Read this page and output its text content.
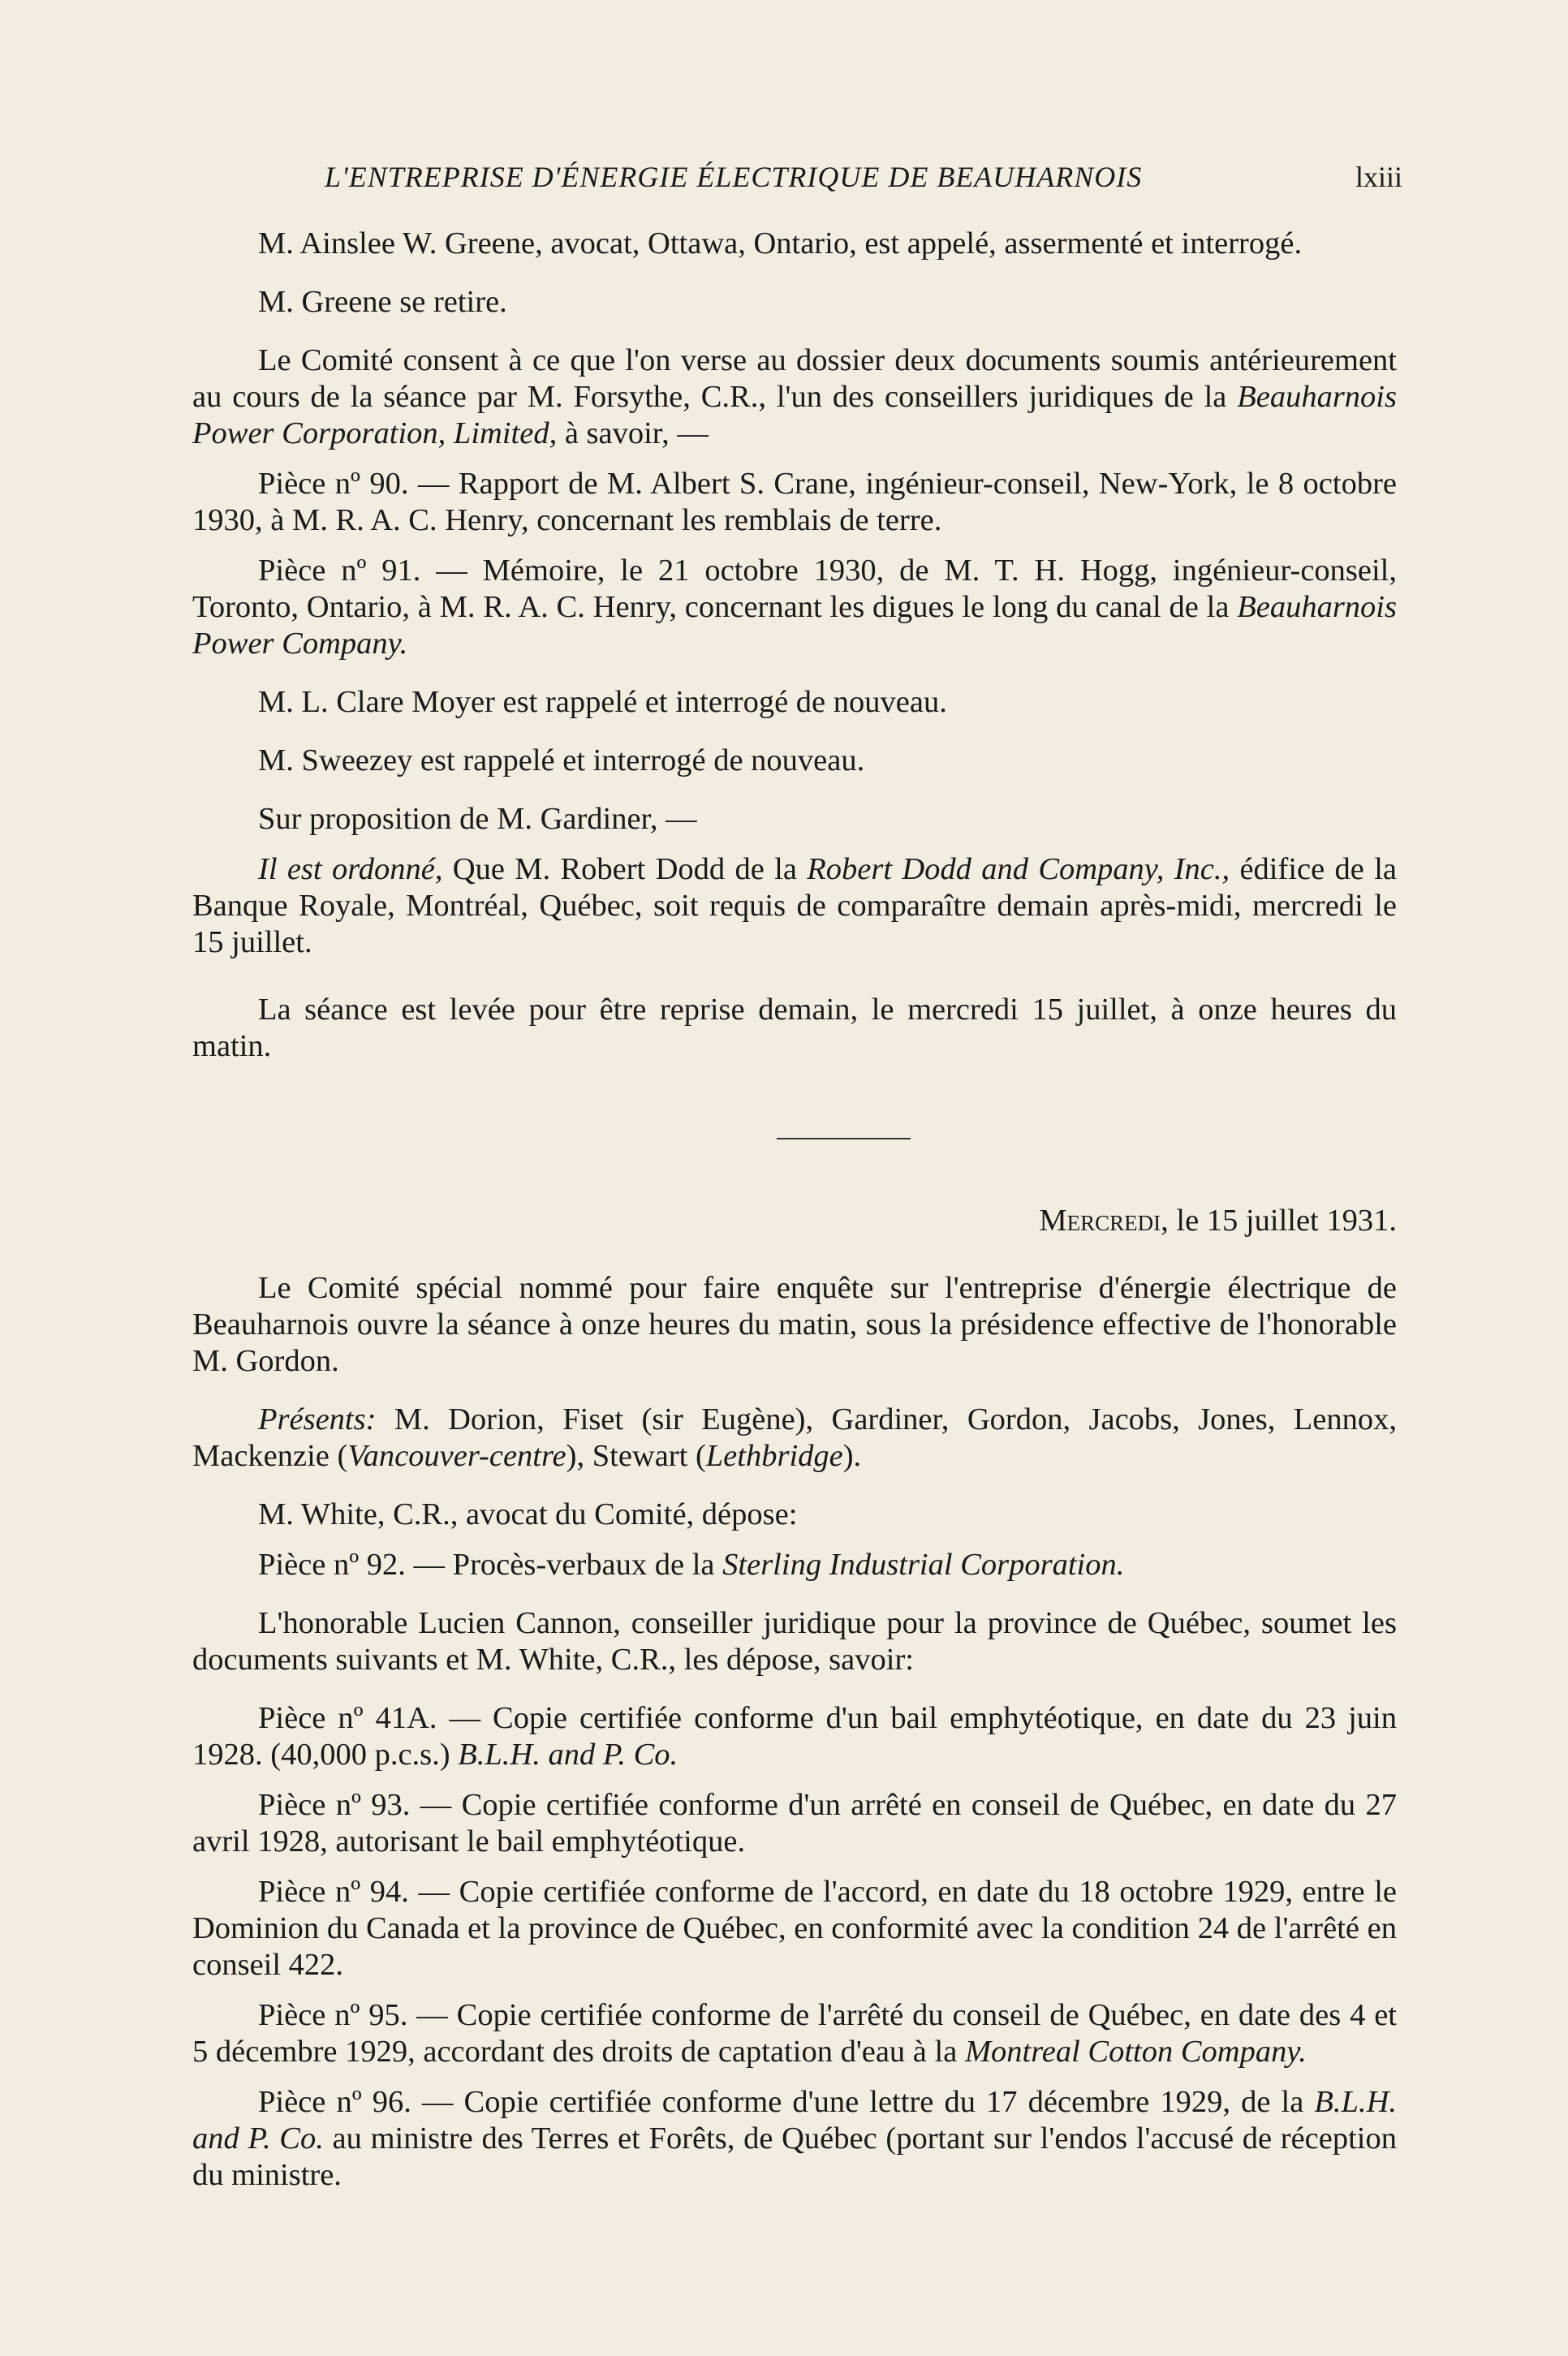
L'ENTREPRISE D'ÉNERGIE ÉLECTRIQUE DE BEAUHARNOIS	lxiii

M. Ainslee W. Greene, avocat, Ottawa, Ontario, est appelé, assermenté et interrogé.

M. Greene se retire.

Le Comité consent à ce que l'on verse au dossier deux documents soumis antérieurement au cours de la séance par M. Forsythe, C.R., l'un des conseillers juridiques de la Beauharnois Power Corporation, Limited, à savoir, —

Pièce nº 90. — Rapport de M. Albert S. Crane, ingénieur-conseil, New-York, le 8 octobre 1930, à M. R. A. C. Henry, concernant les remblais de terre.

Pièce nº 91. — Mémoire, le 21 octobre 1930, de M. T. H. Hogg, ingénieur-conseil, Toronto, Ontario, à M. R. A. C. Henry, concernant les digues le long du canal de la Beauharnois Power Company.

M. L. Clare Moyer est rappelé et interrogé de nouveau.

M. Sweezey est rappelé et interrogé de nouveau.

Sur proposition de M. Gardiner, —

Il est ordonné, Que M. Robert Dodd de la Robert Dodd and Company, Inc., édifice de la Banque Royale, Montréal, Québec, soit requis de comparaître demain après-midi, mercredi le 15 juillet.

La séance est levée pour être reprise demain, le mercredi 15 juillet, à onze heures du matin.

Mercredi, le 15 juillet 1931.

Le Comité spécial nommé pour faire enquête sur l'entreprise d'énergie électrique de Beauharnois ouvre la séance à onze heures du matin, sous la présidence effective de l'honorable M. Gordon.

Présents: M. Dorion, Fiset (sir Eugène), Gardiner, Gordon, Jacobs, Jones, Lennox, Mackenzie (Vancouver-centre), Stewart (Lethbridge).

M. White, C.R., avocat du Comité, dépose:

Pièce nº 92. — Procès-verbaux de la Sterling Industrial Corporation.

L'honorable Lucien Cannon, conseiller juridique pour la province de Québec, soumet les documents suivants et M. White, C.R., les dépose, savoir:

Pièce nº 41A. — Copie certifiée conforme d'un bail emphytéotique, en date du 23 juin 1928. (40,000 p.c.s.) B.L.H. and P. Co.

Pièce nº 93. — Copie certifiée conforme d'un arrêté en conseil de Québec, en date du 27 avril 1928, autorisant le bail emphytéotique.

Pièce nº 94. — Copie certifiée conforme de l'accord, en date du 18 octobre 1929, entre le Dominion du Canada et la province de Québec, en conformité avec la condition 24 de l'arrêté en conseil 422.

Pièce nº 95. — Copie certifiée conforme de l'arrêté du conseil de Québec, en date des 4 et 5 décembre 1929, accordant des droits de captation d'eau à la Montreal Cotton Company.

Pièce nº 96. — Copie certifiée conforme d'une lettre du 17 décembre 1929, de la B.L.H. and P. Co. au ministre des Terres et Forêts, de Québec (portant sur l'endos l'accusé de réception du ministre.
